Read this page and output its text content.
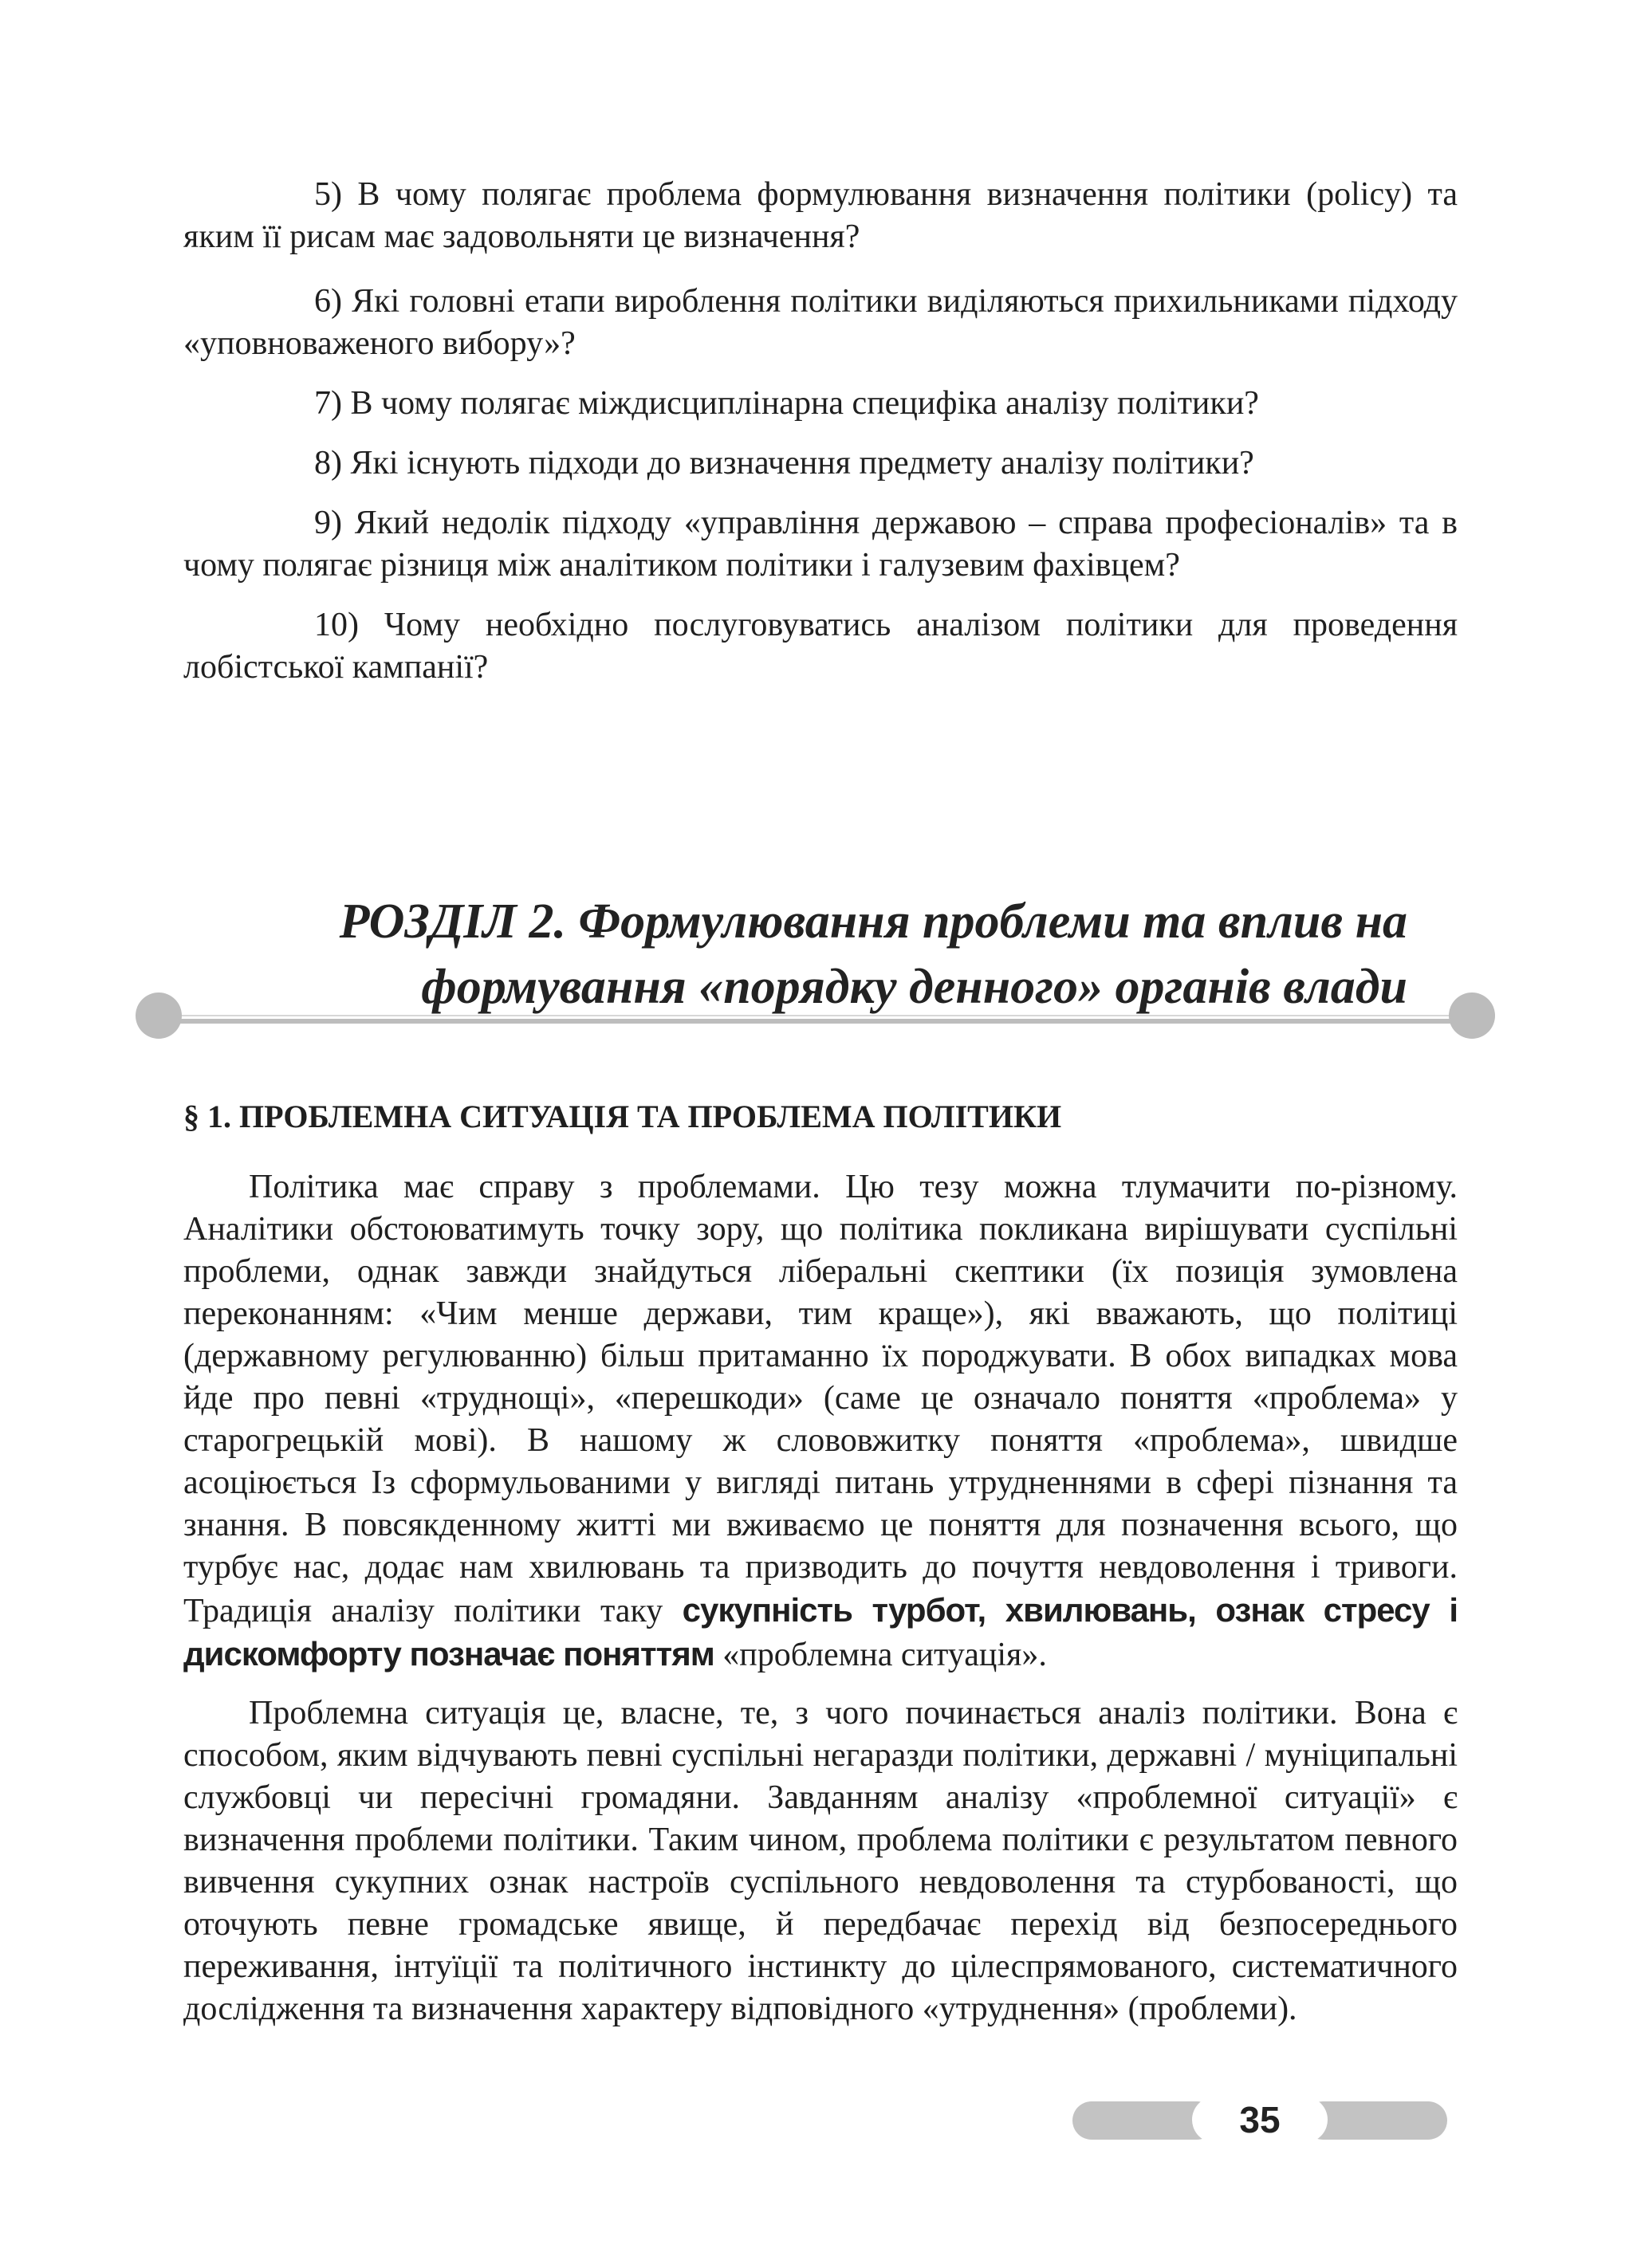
5) В чому полягає проблема формулювання визначення політики (policy) та яким її рисам має задовольняти це визначення?

6) Які головні етапи вироблення політики виділяються прихильниками підходу «уповноваженого вибору»?

7) В чому полягає міждисциплінарна специфіка аналізу політики?

8) Які існують підходи до визначення предмету аналізу політики?

9) Який недолік підходу «управління державою – справа професіоналів» та в чому полягає різниця між аналітиком політики і галузевим фахівцем?

10) Чому необхідно послуговуватись аналізом політики для проведення лобістської кампанії?

РОЗДІЛ 2. Формулювання проблеми та вплив на
формування «порядку денного» органів влади
§ 1. ПРОБЛЕМНА СИТУАЦІЯ ТА ПРОБЛЕМА ПОЛІТИКИ

Політика має справу з проблемами. Цю тезу можна тлумачити по-різному. Аналітики обстоюватимуть точку зору, що політика покликана вирішувати суспільні проблеми, однак завжди знайдуться ліберальні скептики (їх позиція зумовлена переконанням: «Чим менше держави, тим краще»), які вважають, що політиці (державному регулюванню) більш притаманно їх породжувати. В обох випадках мова йде про певні «труднощі», «перешкоди» (саме це означало поняття «проблема» у старогрецькій мові). В нашому ж слововжитку поняття «проблема», швидше асоціюється Із сформульованими у вигляді питань утрудненнями в сфері пізнання та знання. В повсякденному житті ми вживаємо це поняття для позначення всього, що турбує нас, додає нам хвилювань та призводить до почуття невдоволення і тривоги. Традиція аналізу політики таку сукупність турбот, хвилювань, ознак стресу і дискомфорту позначає поняттям «проблемна ситуація».

Проблемна ситуація це, власне, те, з чого починається аналіз політики. Вона є способом, яким відчувають певні суспільні негаразди політики, державні / муніципальні службовці чи пересічні громадяни. Завданням аналізу «проблемної ситуації» є визначення проблеми політики. Таким чином, проблема політики є результатом певного вивчення сукупних ознак настроїв суспільного невдоволення та стурбованості, що оточують певне громадське явище, й передбачає перехід від безпосереднього переживання, інтуїції та політичного інстинкту до цілеспрямованого, систематичного дослідження та визначення характеру відповідного «утруднення» (проблеми).

35
